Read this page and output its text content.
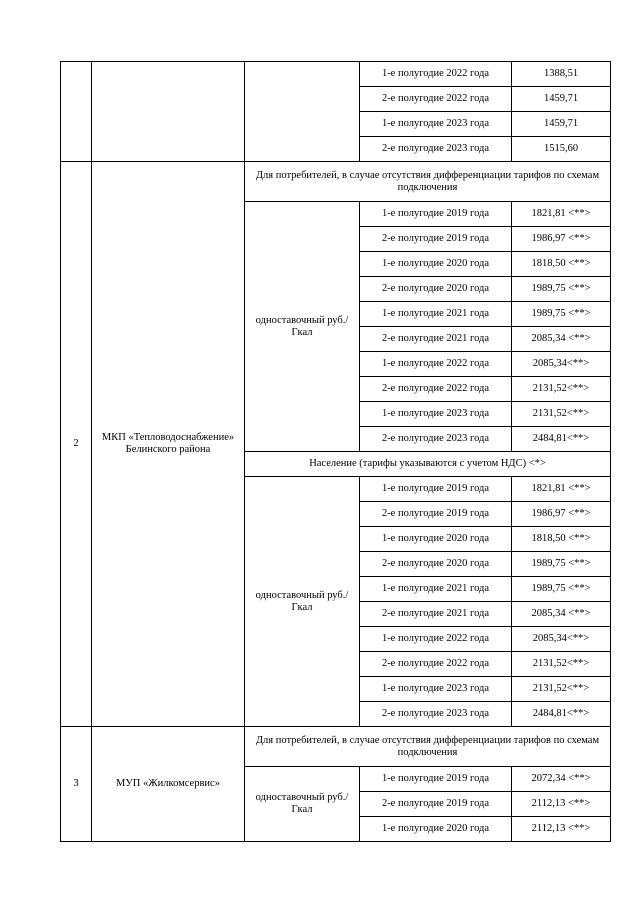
			1-е полугодие 2022 года	1388,51
			2-е полугодие 2022 года	1459,71
			1-е полугодие 2023 года	1459,71
			2-е полугодие 2023 года	1515,60
2	МКП «Тепловодоснабжение» Белинского района	Для потребителей, в случае отсутствия дифференциации тарифов по схемам подключения		
		одноставочный руб./Гкал	1-е полугодие 2019 года	1821,81 <**>
			2-е полугодие 2019 года	1986,97 <**>
			1-е полугодие 2020 года	1818,50 <**>
			2-е полугодие 2020 года	1989,75 <**>
			1-е полугодие 2021 года	1989,75 <**>
			2-е полугодие 2021 года	2085,34 <**>
			1-е полугодие 2022 года	2085,34<**>
			2-е полугодие 2022 года	2131,52<**>
			1-е полугодие 2023 года	2131,52<**>
			2-е полугодие 2023 года	2484,81<**>
		Население (тарифы указываются с учетом НДС) <*>		
		одноставочный руб./Гкал	1-е полугодие 2019 года	1821,81 <**>
			2-е полугодие 2019 года	1986,97 <**>
			1-е полугодие 2020 года	1818,50 <**>
			2-е полугодие 2020 года	1989,75 <**>
			1-е полугодие 2021 года	1989,75 <**>
			2-е полугодие 2021 года	2085,34 <**>
			1-е полугодие 2022 года	2085,34<**>
			2-е полугодие 2022 года	2131,52<**>
			1-е полугодие 2023 года	2131,52<**>
			2-е полугодие 2023 года	2484,81<**>
3	МУП «Жилкомсервис»	Для потребителей, в случае отсутствия дифференциации тарифов по схемам подключения		
		одноставочный руб./Гкал	1-е полугодие 2019 года	2072,34 <**>
			2-е полугодие 2019 года	2112,13 <**>
			1-е полугодие 2020 года	2112,13 <**>
